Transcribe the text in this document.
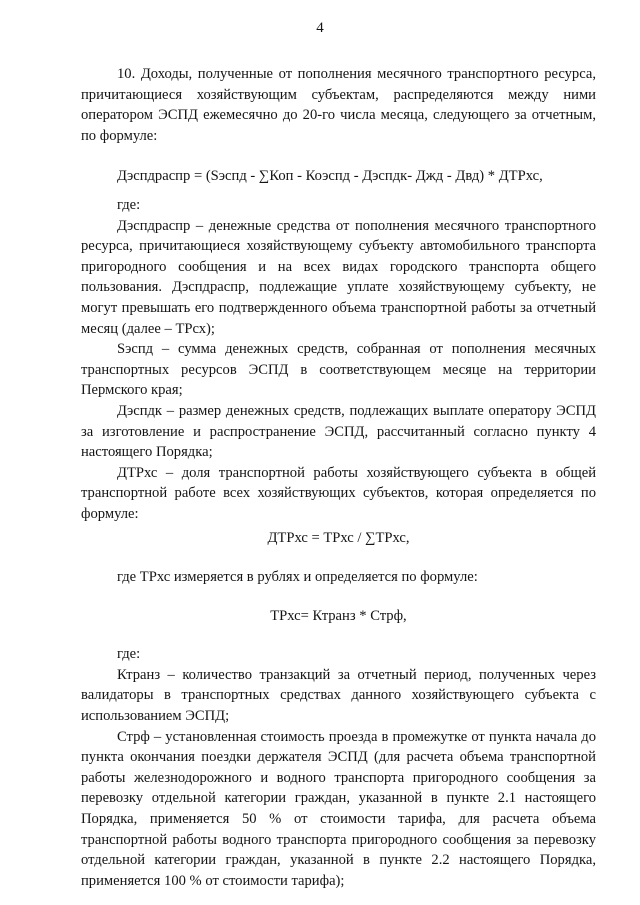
4

10. Доходы, полученные от пополнения месячного транспортного ресурса, причитающиеся хозяйствующим субъектам, распределяются между ними оператором ЭСПД ежемесячно до 20-го числа месяца, следующего за отчетным, по формуле:

Дэспдраспр = (Sэспд - ∑Коп - Коэспд - Дэспдк- Джд - Двд) * ДТРхс,

где:

Дэспдраспр – денежные средства от пополнения месячного транспортного ресурса, причитающиеся хозяйствующему субъекту автомобильного транспорта пригородного сообщения и на всех видах городского транспорта общего пользования. Дэспдраспр, подлежащие уплате хозяйствующему субъекту, не могут превышать его подтвержденного объема транспортной работы за отчетный месяц (далее – ТРсх);

Sэспд – сумма денежных средств, собранная от пополнения месячных транспортных ресурсов ЭСПД в соответствующем месяце на территории Пермского края;

Дэспдк – размер денежных средств, подлежащих выплате оператору ЭСПД за изготовление и распространение ЭСПД, рассчитанный согласно пункту 4 настоящего Порядка;

ДТРхс – доля транспортной работы хозяйствующего субъекта в общей транспортной работе всех хозяйствующих субъектов, которая определяется по формуле:

ДТРхс = ТРхс / ∑ТРхс,

где ТРхс измеряется в рублях и определяется по формуле:

ТРхс= Ктранз * Стрф,

где:

Ктранз – количество транзакций за отчетный период, полученных через валидаторы в транспортных средствах данного хозяйствующего субъекта с использованием ЭСПД;

Стрф – установленная стоимость проезда в промежутке от пункта начала до пункта окончания поездки держателя ЭСПД (для расчета объема транспортной работы железнодорожного и водного транспорта пригородного сообщения за перевозку отдельной категории граждан, указанной в пункте 2.1 настоящего Порядка, применяется 50 % от стоимости тарифа, для расчета объема транспортной работы водного транспорта пригородного сообщения за перевозку отдельной категории граждан, указанной в пункте 2.2 настоящего Порядка, применяется 100 % от стоимости тарифа);
